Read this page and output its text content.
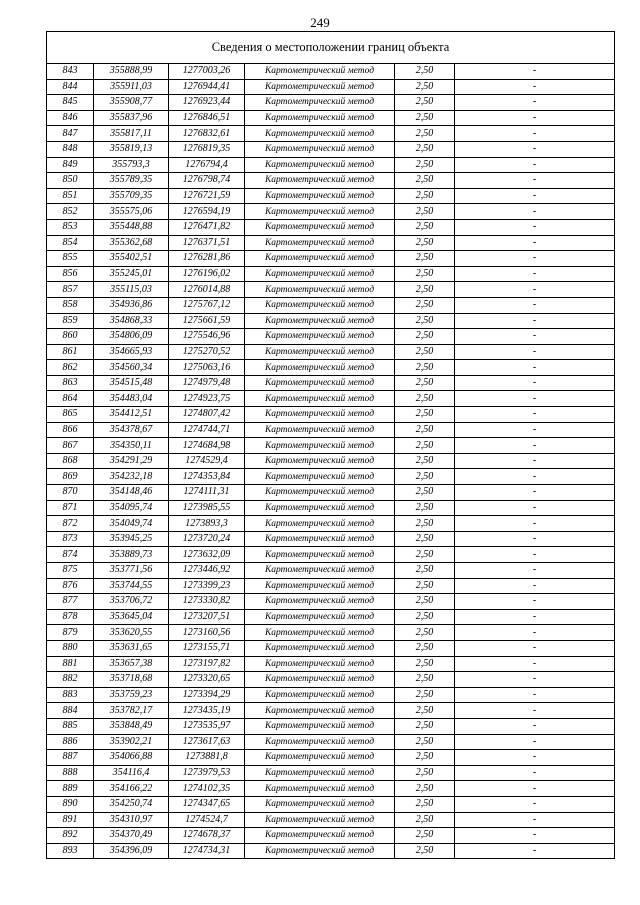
249
Сведения о местоположении границ объекта					
843	355888,99	1277003,26	Картометрический метод	2,50	-
844	355911,03	1276944,41	Картометрический метод	2,50	-
845	355908,77	1276923,44	Картометрический метод	2,50	-
846	355837,96	1276846,51	Картометрический метод	2,50	-
847	355817,11	1276832,61	Картометрический метод	2,50	-
848	355819,13	1276819,35	Картометрический метод	2,50	-
849	355793,3	1276794,4	Картометрический метод	2,50	-
850	355789,35	1276798,74	Картометрический метод	2,50	-
851	355709,35	1276721,59	Картометрический метод	2,50	-
852	355575,06	1276594,19	Картометрический метод	2,50	-
853	355448,88	1276471,82	Картометрический метод	2,50	-
854	355362,68	1276371,51	Картометрический метод	2,50	-
855	355402,51	1276281,86	Картометрический метод	2,50	-
856	355245,01	1276196,02	Картометрический метод	2,50	-
857	355115,03	1276014,88	Картометрический метод	2,50	-
858	354936,86	1275767,12	Картометрический метод	2,50	-
859	354868,33	1275661,59	Картометрический метод	2,50	-
860	354806,09	1275546,96	Картометрический метод	2,50	-
861	354665,93	1275270,52	Картометрический метод	2,50	-
862	354560,34	1275063,16	Картометрический метод	2,50	-
863	354515,48	1274979,48	Картометрический метод	2,50	-
864	354483,04	1274923,75	Картометрический метод	2,50	-
865	354412,51	1274807,42	Картометрический метод	2,50	-
866	354378,67	1274744,71	Картометрический метод	2,50	-
867	354350,11	1274684,98	Картометрический метод	2,50	-
868	354291,29	1274529,4	Картометрический метод	2,50	-
869	354232,18	1274353,84	Картометрический метод	2,50	-
870	354148,46	1274111,31	Картометрический метод	2,50	-
871	354095,74	1273985,55	Картометрический метод	2,50	-
872	354049,74	1273893,3	Картометрический метод	2,50	-
873	353945,25	1273720,24	Картометрический метод	2,50	-
874	353889,73	1273632,09	Картометрический метод	2,50	-
875	353771,56	1273446,92	Картометрический метод	2,50	-
876	353744,55	1273399,23	Картометрический метод	2,50	-
877	353706,72	1273330,82	Картометрический метод	2,50	-
878	353645,04	1273207,51	Картометрический метод	2,50	-
879	353620,55	1273160,56	Картометрический метод	2,50	-
880	353631,65	1273155,71	Картометрический метод	2,50	-
881	353657,38	1273197,82	Картометрический метод	2,50	-
882	353718,68	1273320,65	Картометрический метод	2,50	-
883	353759,23	1273394,29	Картометрический метод	2,50	-
884	353782,17	1273435,19	Картометрический метод	2,50	-
885	353848,49	1273535,97	Картометрический метод	2,50	-
886	353902,21	1273617,63	Картометрический метод	2,50	-
887	354066,88	1273881,8	Картометрический метод	2,50	-
888	354116,4	1273979,53	Картометрический метод	2,50	-
889	354166,22	1274102,35	Картометрический метод	2,50	-
890	354250,74	1274347,65	Картометрический метод	2,50	-
891	354310,97	1274524,7	Картометрический метод	2,50	-
892	354370,49	1274678,37	Картометрический метод	2,50	-
893	354396,09	1274734,31	Картометрический метод	2,50	-
